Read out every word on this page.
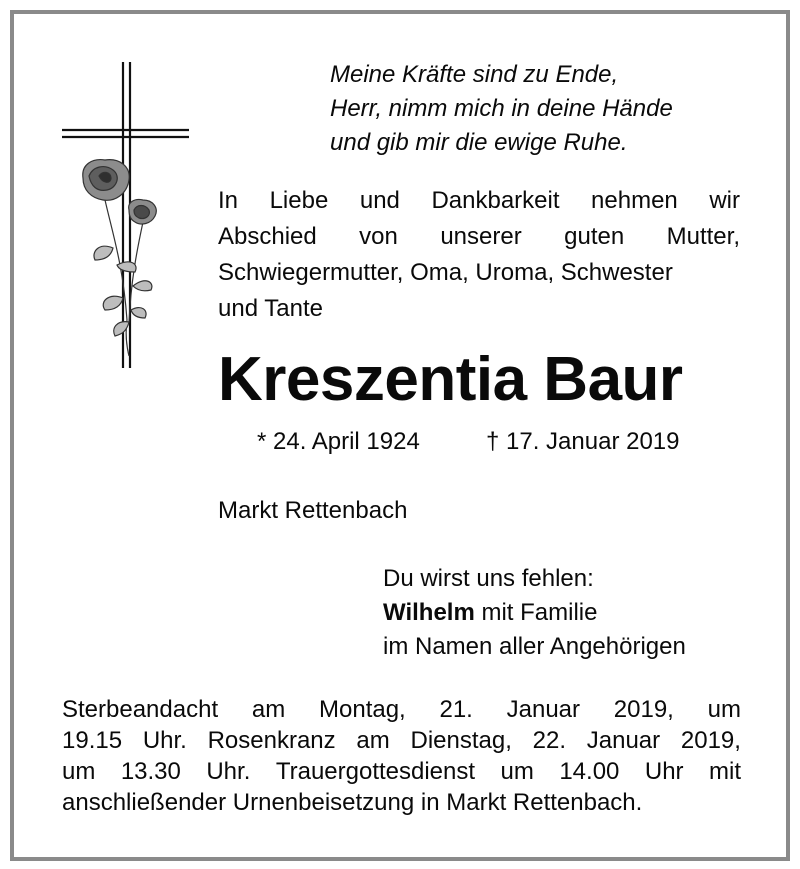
Meine Kräfte sind zu Ende,
Herr, nimm mich in deine Hände
und gib mir die ewige Ruhe.
In Liebe und Dankbarkeit nehmen wir
Abschied von unserer guten Mutter,
Schwiegermutter, Oma, Uroma, Schwester
und Tante
Kreszentia Baur
* 24. April 1924	† 17. Januar 2019
Markt Rettenbach
Du wirst uns fehlen:
Wilhelm mit Familie
im Namen aller Angehörigen
Sterbeandacht am Montag, 21. Januar 2019, um
19.15 Uhr. Rosenkranz am Dienstag, 22. Januar 2019,
um 13.30 Uhr. Trauergottesdienst um 14.00 Uhr mit
anschließender Urnenbeisetzung in Markt Rettenbach.
